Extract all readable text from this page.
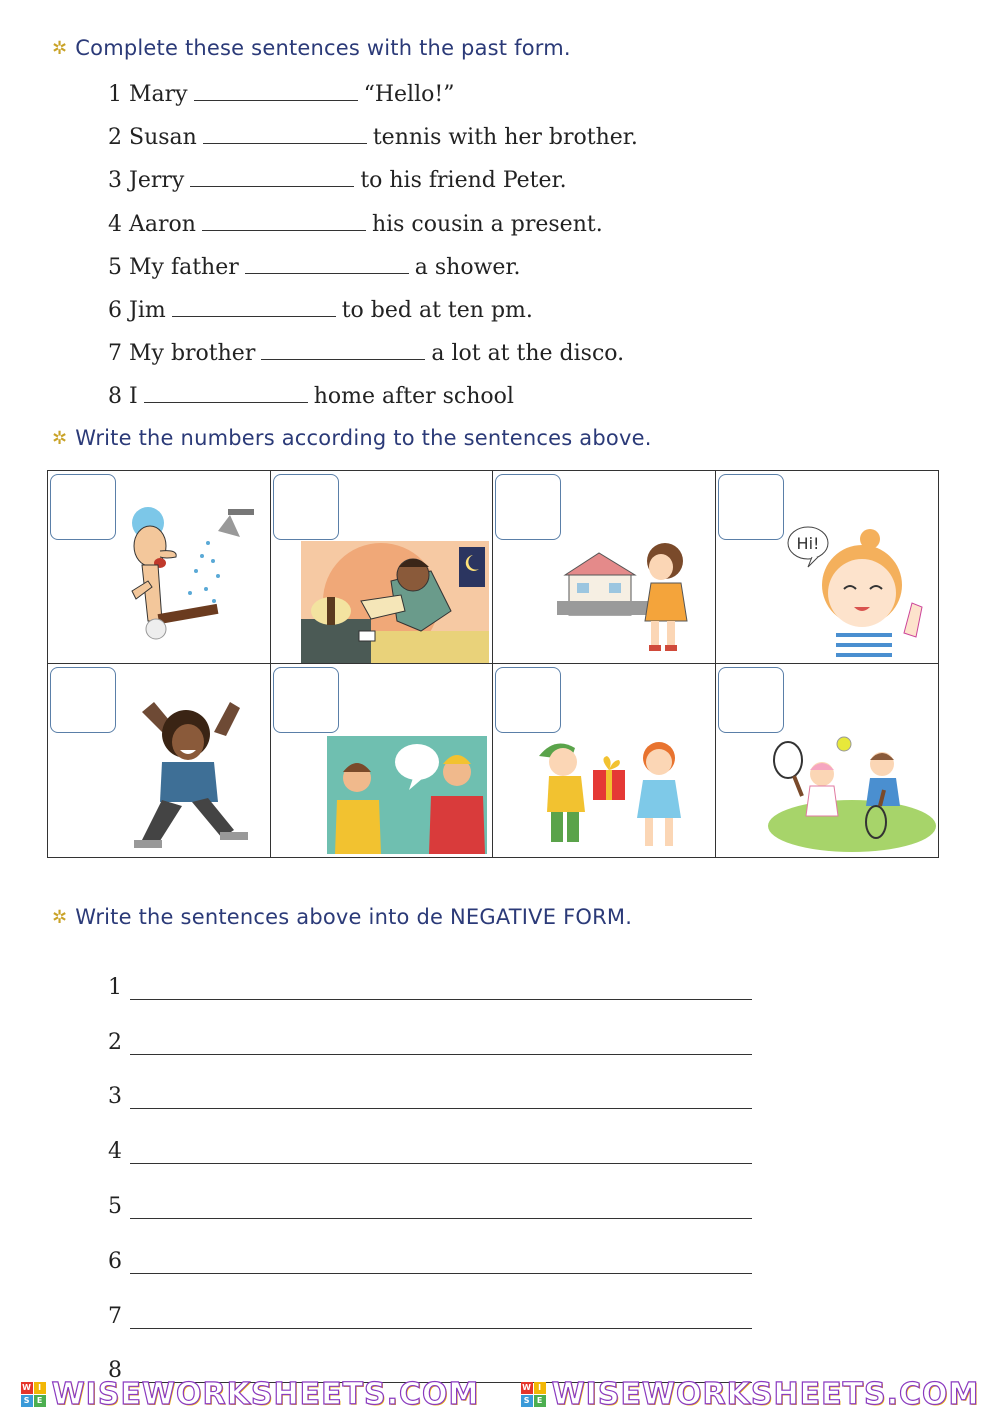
✲ Complete these sentences with the past form.
1 Mary	“Hello!”
2 Susan	tennis with her brother.
3 Jerry	to his friend Peter.
4 Aaron	his cousin a present.
5 My father	a shower.
6 Jim	to bed at ten pm.
7 My brother	a lot at the disco.
8 I	home after school
✲ Write the numbers according to the sentences above.
Hi!
✲ Write the sentences above into de NEGATIVE FORM.
1
2
3
4
5
6
7
8
W I
S E WISEWORKSHEETS.COM	W I
S E WISEWORKSHEETS.COM
